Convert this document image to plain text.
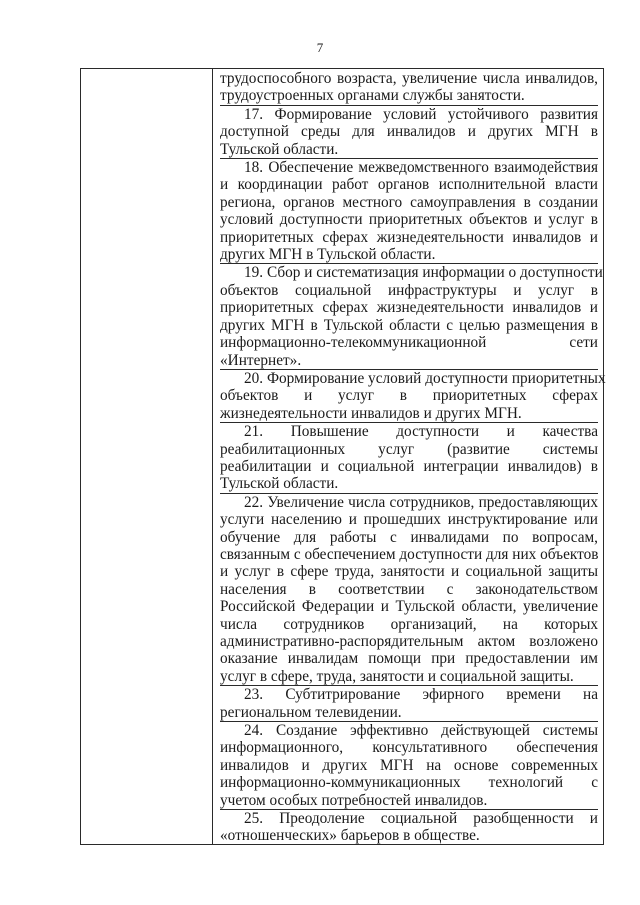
7
трудоспособного возраста, увеличение числа инвалидов,
трудоустроенных органами службы занятости.
17. Формирование условий устойчивого развития
доступной среды для инвалидов и других МГН в
Тульской области.
18. Обеспечение межведомственного взаимодействия
и координации работ органов исполнительной власти
региона, органов местного самоуправления в создании
условий доступности приоритетных объектов и услуг в
приоритетных сферах жизнедеятельности инвалидов и
других МГН в Тульской области.
19. Сбор и систематизация информации о доступности
объектов социальной инфраструктуры и услуг в
приоритетных сферах жизнедеятельности инвалидов и
других МГН в Тульской области с целью размещения в
информационно-телекоммуникационной сети
«Интернет».
20. Формирование условий доступности приоритетных
объектов и услуг в приоритетных сферах
жизнедеятельности инвалидов и других МГН.
21. Повышение доступности и качества
реабилитационных услуг (развитие системы
реабилитации и социальной интеграции инвалидов) в
Тульской области.
22. Увеличение числа сотрудников, предоставляющих
услуги населению и прошедших инструктирование или
обучение для работы с инвалидами по вопросам,
связанным с обеспечением доступности для них объектов
и услуг в сфере труда, занятости и социальной защиты
населения в соответствии с законодательством
Российской Федерации и Тульской области, увеличение
числа сотрудников организаций, на которых
административно-распорядительным актом возложено
оказание инвалидам помощи при предоставлении им
услуг в сфере, труда, занятости и социальной защиты.
23. Субтитрирование эфирного времени на
региональном телевидении.
24. Создание эффективно действующей системы
информационного, консультативного обеспечения
инвалидов и других МГН на основе современных
информационно-коммуникационных технологий с
учетом особых потребностей инвалидов.
25. Преодоление социальной разобщенности и
«отношенческих» барьеров в обществе.
